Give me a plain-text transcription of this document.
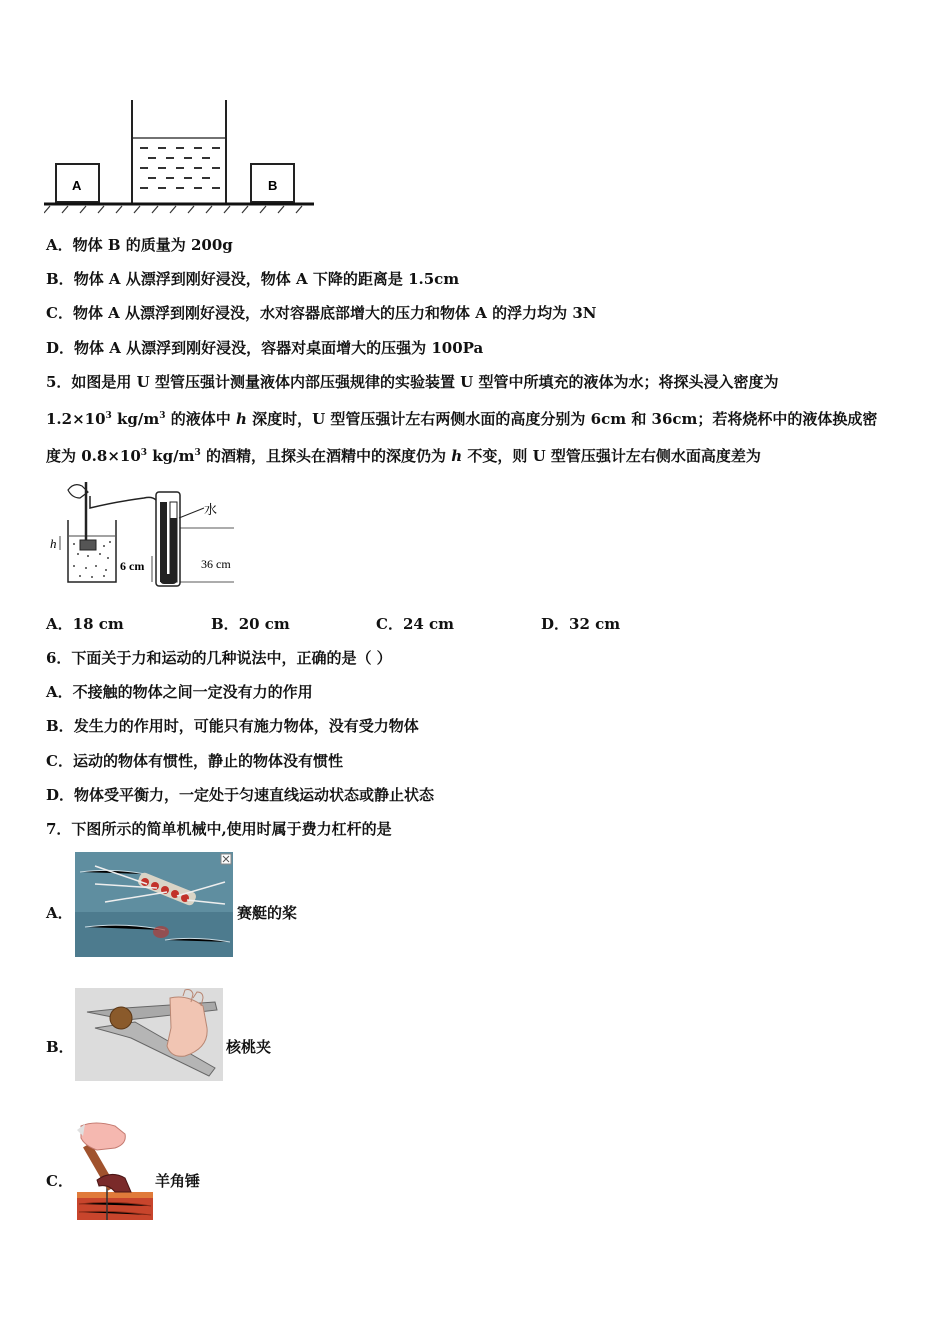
A	B
A．物体 B 的质量为 200g
B．物体 A 从漂浮到刚好浸没，物体 A 下降的距离是 1.5cm
C．物体 A 从漂浮到刚好浸没，水对容器底部增大的压力和物体 A 的浮力均为 3N
D．物体 A 从漂浮到刚好浸没，容器对桌面增大的压强为 100Pa
5．如图是用 U 型管压强计测量液体内部压强规律的实验装置 U 型管中所填充的液体为水；将探头浸入密度为
$1.2\times 10^3$ $kg/m^3$ 的液体中 h 深度时，U 型管压强计左右两侧水面的高度分别为 6cm 和 36cm；若将烧杯中的液体换成密
度为 $0.8\times 10^3$ $kg/m^3$ 的酒精，且探头在酒精中的深度仍为 h 不变，则 U 型管压强计左右侧水面高度差为
水
36 cm
6 cm
h
A．18 cm	B．20 cm	C．24 cm	D．32 cm
6．下面关于力和运动的几种说法中，正确的是（ ）
A．不接触的物体之间一定没有力的作用
B．发生力的作用时，可能只有施力物体，没有受力物体
C．运动的物体有惯性，静止的物体没有惯性
D．物体受平衡力，一定处于匀速直线运动状态或静止状态
7．下图所示的简单机械中,使用时属于费力杠杆的是
A．	赛艇的桨
B．	核桃夹
C．	羊角锤
